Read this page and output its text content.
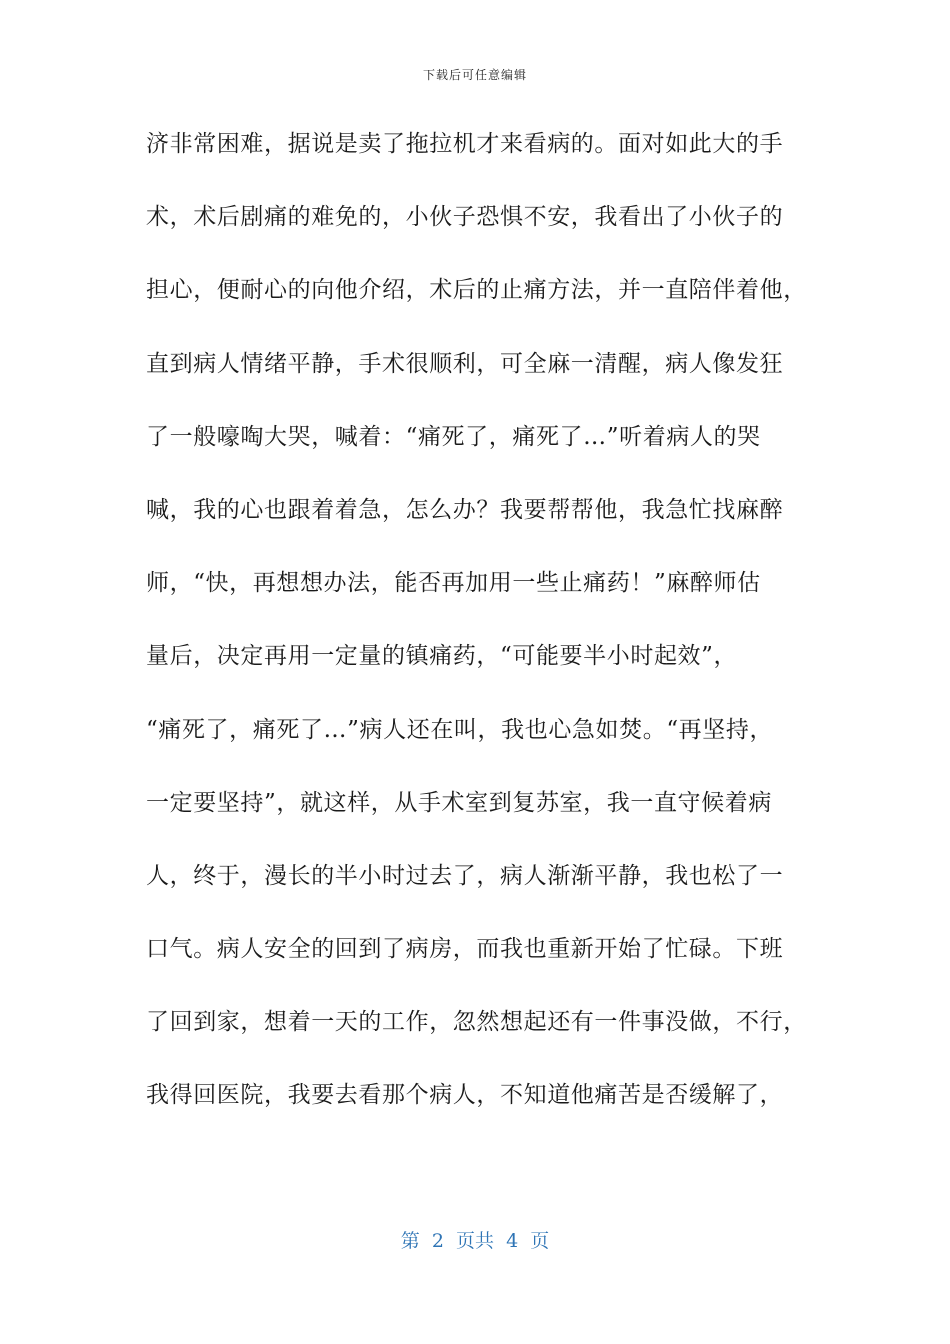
下载后可任意编辑
济非常困难，据说是卖了拖拉机才来看病的。面对如此大的手
术，术后剧痛的难免的，小伙子恐惧不安，我看出了小伙子的
担心，便耐心的向他介绍，术后的止痛方法，并一直陪伴着他，
直到病人情绪平静，手术很顺利，可全麻一清醒，病人像发狂
了一般嚎啕大哭，喊着：“痛死了，痛死了…”听着病人的哭
喊，我的心也跟着着急，怎么办？我要帮帮他，我急忙找麻醉
师，“快，再想想办法，能否再加用一些止痛药！”麻醉师估
量后，决定再用一定量的镇痛药，“可能要半小时起效”，
“痛死了，痛死了…”病人还在叫，我也心急如焚。“再坚持，
一定要坚持”，就这样，从手术室到复苏室，我一直守候着病
人，终于，漫长的半小时过去了，病人渐渐平静，我也松了一
口气。病人安全的回到了病房，而我也重新开始了忙碌。下班
了回到家，想着一天的工作，忽然想起还有一件事没做，不行，
我得回医院，我要去看那个病人，不知道他痛苦是否缓解了，
第  2  页共  4  页
